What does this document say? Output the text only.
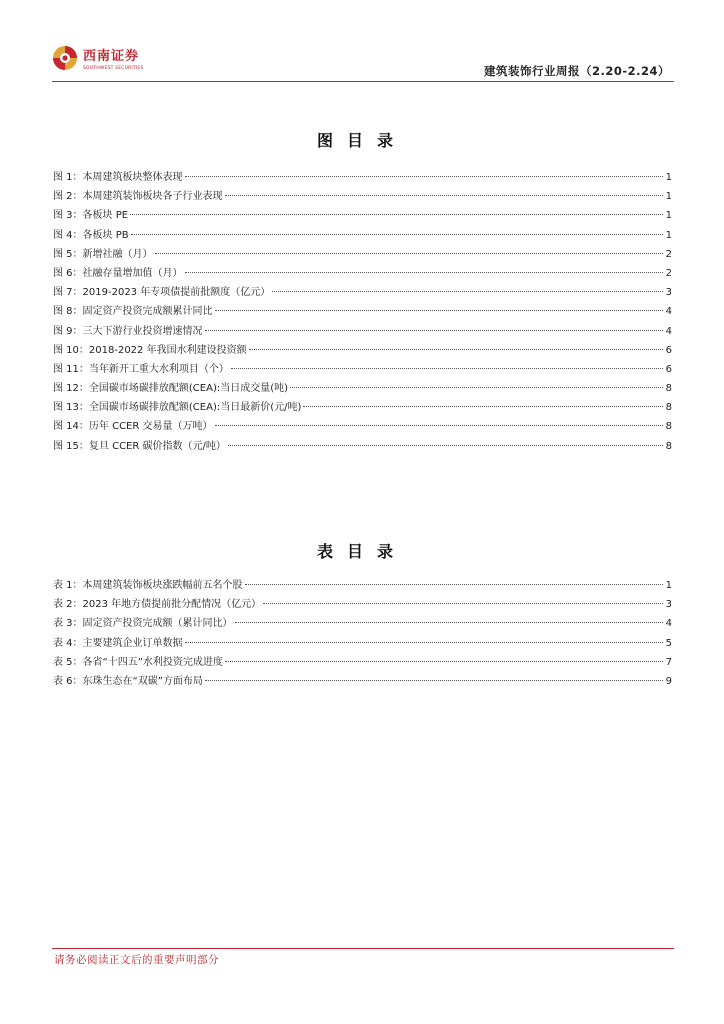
西南证券
SOUTHWEST SECURITIES	建筑装饰行业周报（2.20-2.24）
图目录
图 1：本周建筑板块整体表现	1
图 2：本周建筑装饰板块各子行业表现	1
图 3：各板块 PE	1
图 4：各板块 PB	1
图 5：新增社融（月）	2
图 6：社融存量增加值（月）	2
图 7：2019-2023 年专项债提前批额度（亿元）	3
图 8：固定资产投资完成额累计同比	4
图 9：三大下游行业投资增速情况	4
图 10：2018-2022 年我国水利建设投资额	6
图 11：当年新开工重大水利项目（个）	6
图 12：全国碳市场碳排放配额(CEA):当日成交量(吨)	8
图 13：全国碳市场碳排放配额(CEA):当日最新价(元/吨)	8
图 14：历年 CCER 交易量（万吨）	8
图 15：复旦 CCER 碳价指数（元/吨）	8
表目录
表 1：本周建筑装饰板块涨跌幅前五名个股	1
表 2：2023 年地方债提前批分配情况（亿元）	3
表 3：固定资产投资完成额（累计同比）	4
表 4：主要建筑企业订单数据	5
表 5：各省“十四五”水利投资完成进度	7
表 6：东珠生态在“双碳”方面布局	9
请务必阅读正文后的重要声明部分
